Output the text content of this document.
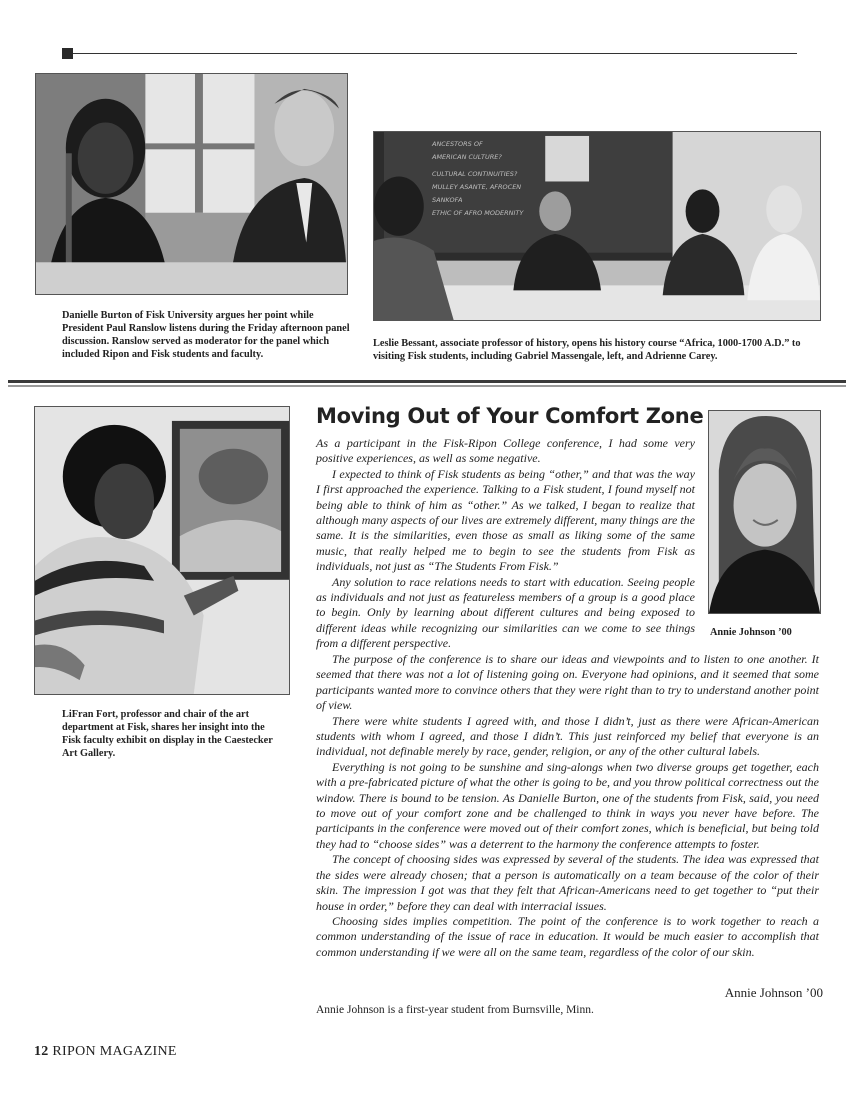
Danielle Burton of Fisk University argues her point while President Paul Ranslow listens during the Friday afternoon panel discussion. Ranslow served as moderator for the panel which included Ripon and Fisk students and faculty.
ANCESTORS OF
AMERICAN CULTURE?
CULTURAL CONTINUITIES?
MULLEY ASANTE, AFROCEN
SANKOFA
ETHIC OF AFRO MODERNITY
Leslie Bessant, associate professor of history, opens his history course “Africa, 1000-1700 A.D.” to visiting Fisk students, including Gabriel Massengale, left, and Adrienne Carey.
LiFran Fort, professor and chair of the art department at Fisk, shares her insight into the Fisk faculty exhibit on display in the Caestecker Art Gallery.
Annie Johnson ’00
Moving Out of Your Comfort Zone

As a participant in the Fisk-Ripon College conference, I had some very positive experiences, as well as some negative.

I expected to think of Fisk students as being “other,” and that was the way I first approached the experience. Talking to a Fisk student, I found myself not being able to think of him as “other.” As we talked, I began to realize that although many aspects of our lives are extremely different, many things are the same. It is the similarities, even those as small as liking some of the same music, that really helped me to begin to see the students from Fisk as individuals, not just as “The Students From Fisk.”

Any solution to race relations needs to start with education. Seeing people as individuals and not just as featureless members of a group is a good place to begin. Only by learning about different cultures and being exposed to different ideas while recognizing our similarities can we come to see things from a different perspective.

The purpose of the conference is to share our ideas and viewpoints and to listen to one another. It seemed that there was not a lot of listening going on. Everyone had opinions, and it seemed that some participants wanted more to convince others that they were right than to try to understand another point of view.

There were white students I agreed with, and those I didn’t, just as there were African-American students with whom I agreed, and those I didn’t. This just reinforced my belief that everyone is an individual, not definable merely by race, gender, religion, or any of the other cultural labels.

Everything is not going to be sunshine and sing-alongs when two diverse groups get together, each with a pre-fabricated picture of what the other is going to be, and you throw political correctness out the window. There is bound to be tension. As Danielle Burton, one of the students from Fisk, said, you need to move out of your comfort zone and be challenged to think in ways you never have before. The participants in the conference were moved out of their comfort zones, which is beneficial, but being told they had to “choose sides” was a deterrent to the harmony the conference attempts to foster.

The concept of choosing sides was expressed by several of the students. The idea was expressed that the sides were already chosen; that a person is automatically on a team because of the color of their skin. The impression I got was that they felt that African-Americans need to get together to “put their house in order,” before they can deal with interracial issues.

Choosing sides implies competition. The point of the conference is to work together to reach a common understanding of the issue of race in education. It would be much easier to accomplish that common understanding if we were all on the same team, regardless of the color of our skin.

Annie Johnson ’00
Annie Johnson is a first-year student from Burnsville, Minn.
12 RIPON MAGAZINE
